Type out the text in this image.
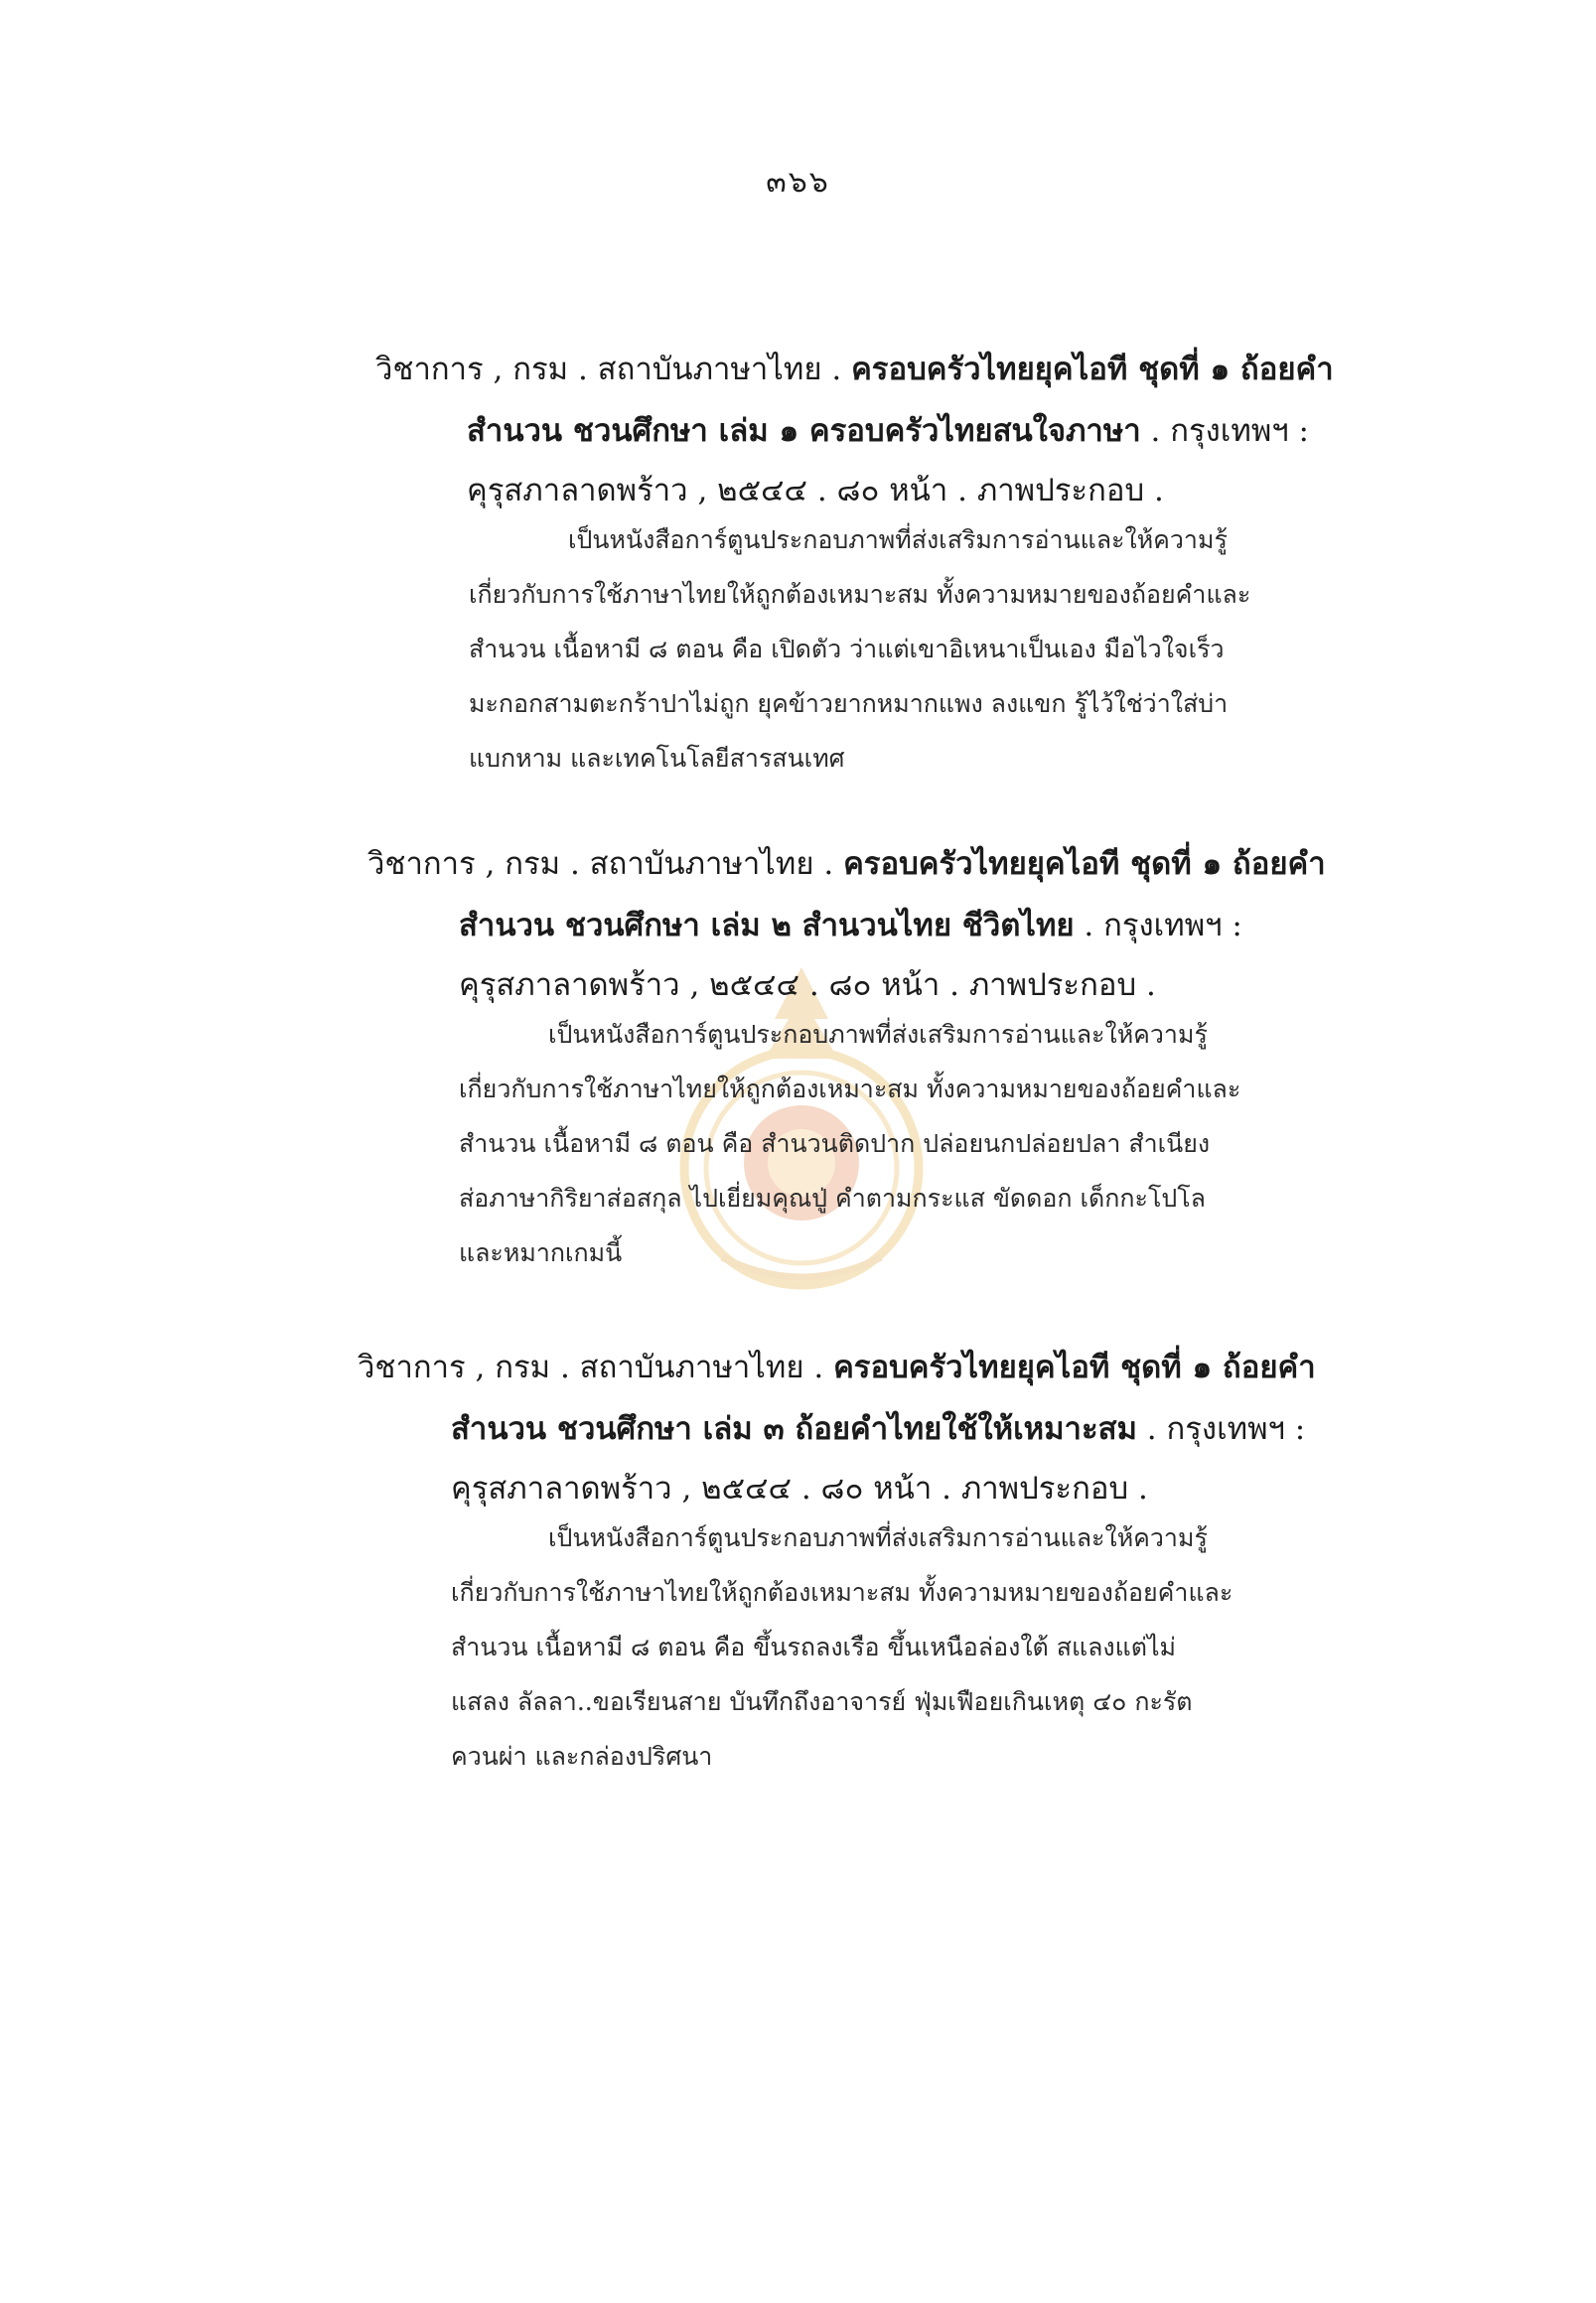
๓๖๖
วิชาการ , กรม . สถาบันภาษาไทย . ครอบครัวไทยยุคไอที ชุดที่ ๑ ถ้อยคำ
สำนวน ชวนศึกษา เล่ม ๑ ครอบครัวไทยสนใจภาษา . กรุงเทพฯ :
คุรุสภาลาดพร้าว , ๒๕๔๔ . ๘๐ หน้า . ภาพประกอบ .
เป็นหนังสือการ์ตูนประกอบภาพที่ส่งเสริมการอ่านและให้ความรู้
เกี่ยวกับการใช้ภาษาไทยให้ถูกต้องเหมาะสม ทั้งความหมายของถ้อยคำและ
สำนวน เนื้อหามี ๘ ตอน คือ เปิดตัว ว่าแต่เขาอิเหนาเป็นเอง มือไวใจเร็ว
มะกอกสามตะกร้าปาไม่ถูก ยุคข้าวยากหมากแพง ลงแขก รู้ไว้ใช่ว่าใส่บ่า
แบกหาม และเทคโนโลยีสารสนเทศ
วิชาการ , กรม . สถาบันภาษาไทย . ครอบครัวไทยยุคไอที ชุดที่ ๑ ถ้อยคำ
สำนวน ชวนศึกษา เล่ม ๒ สำนวนไทย ชีวิตไทย . กรุงเทพฯ :
คุรุสภาลาดพร้าว , ๒๕๔๔ . ๘๐ หน้า . ภาพประกอบ .
เป็นหนังสือการ์ตูนประกอบภาพที่ส่งเสริมการอ่านและให้ความรู้
เกี่ยวกับการใช้ภาษาไทยให้ถูกต้องเหมาะสม ทั้งความหมายของถ้อยคำและ
สำนวน เนื้อหามี ๘ ตอน คือ สำนวนติดปาก ปล่อยนกปล่อยปลา สำเนียง
ส่อภาษากิริยาส่อสกุล ไปเยี่ยมคุณปู่ คำตามกระแส ขัดดอก เด็กกะโปโล
และหมากเกมนี้
วิชาการ , กรม . สถาบันภาษาไทย . ครอบครัวไทยยุคไอที ชุดที่ ๑ ถ้อยคำ
สำนวน ชวนศึกษา เล่ม ๓ ถ้อยคำไทยใช้ให้เหมาะสม . กรุงเทพฯ :
คุรุสภาลาดพร้าว , ๒๕๔๔ . ๘๐ หน้า . ภาพประกอบ .
เป็นหนังสือการ์ตูนประกอบภาพที่ส่งเสริมการอ่านและให้ความรู้
เกี่ยวกับการใช้ภาษาไทยให้ถูกต้องเหมาะสม ทั้งความหมายของถ้อยคำและ
สำนวน เนื้อหามี ๘ ตอน คือ ขึ้นรถลงเรือ ขึ้นเหนือล่องใต้ สแลงแต่ไม่
แสลง ลัลลา..ขอเรียนสาย บันทึกถึงอาจารย์ ฟุ่มเฟือยเกินเหตุ ๔๐ กะรัต
ควนผ่า และกล่องปริศนา
